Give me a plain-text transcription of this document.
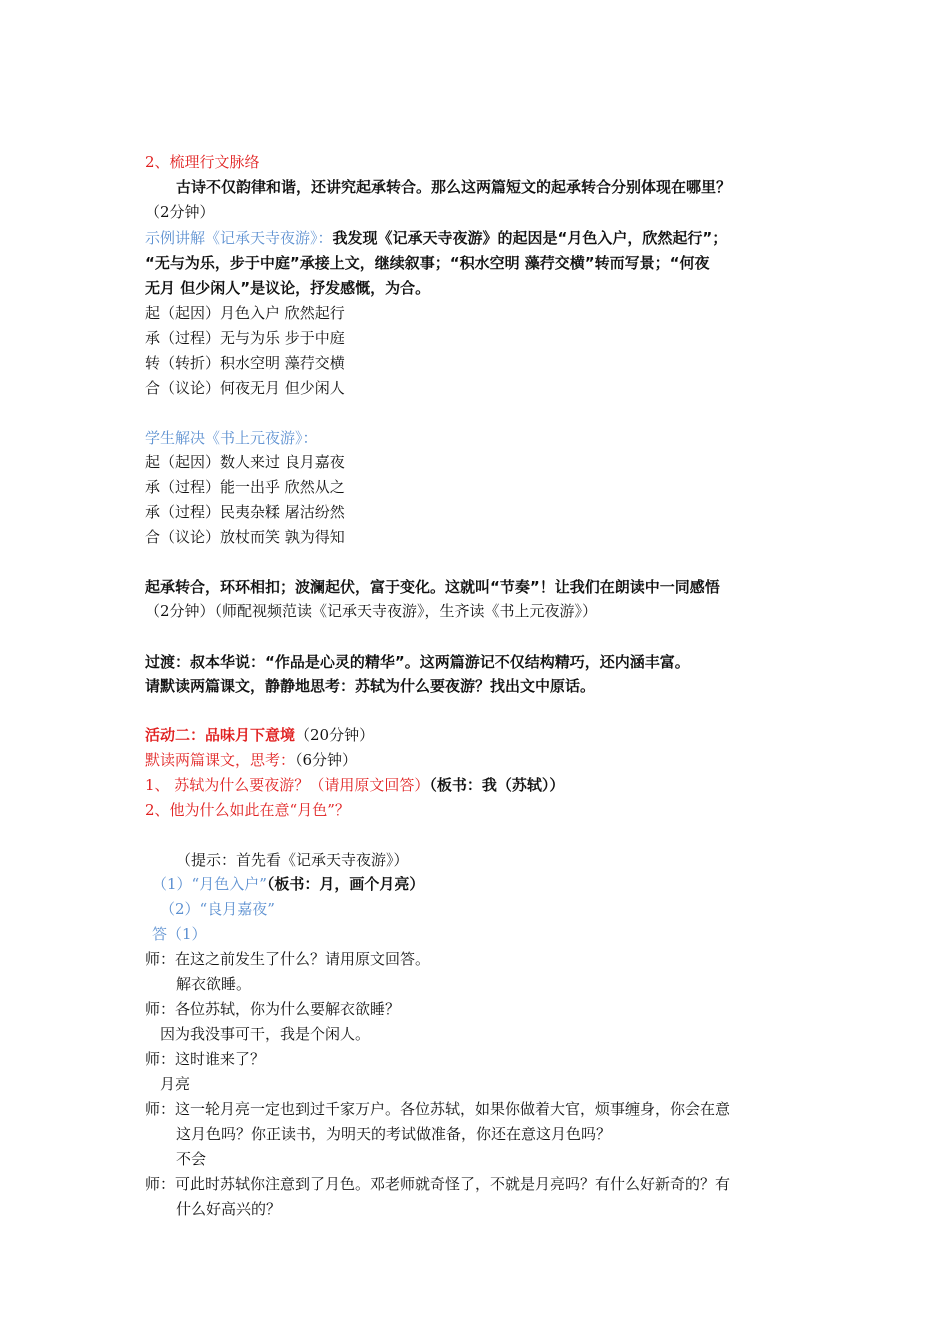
2、梳理行文脉络
古诗不仅韵律和谐，还讲究起承转合。那么这两篇短文的起承转合分别体现在哪里？
（2分钟）
示例讲解《记承天寺夜游》：我发现《记承天寺夜游》的起因是“月色入户，欣然起行”；
“无与为乐，步于中庭”承接上文，继续叙事；“积水空明 藻荇交横”转而写景；“何夜
无月 但少闲人”是议论，抒发感慨，为合。
起（起因）月色入户 欣然起行
承（过程）无与为乐 步于中庭
转（转折）积水空明 藻荇交横
合（议论）何夜无月 但少闲人
学生解决《书上元夜游》：
起（起因）数人来过 良月嘉夜
承（过程）能一出乎 欣然从之
承（过程）民夷杂糅 屠沽纷然
合（议论）放杖而笑 孰为得知
起承转合，环环相扣；波澜起伏，富于变化。这就叫“节奏”！让我们在朗读中一同感悟
（2分钟）（师配视频范读《记承天寺夜游》，生齐读《书上元夜游》）
过渡：叔本华说：“作品是心灵的精华”。这两篇游记不仅结构精巧，还内涵丰富。
请默读两篇课文，静静地思考：苏轼为什么要夜游？找出文中原话。
活动二：品味月下意境（20分钟）
默读两篇课文，思考：（6分钟）
1、 苏轼为什么要夜游？（请用原文回答）（板书：我（苏轼））
2、他为什么如此在意“月色”？
（提示：首先看《记承天寺夜游》）
（1）“月色入户”（板书：月，画个月亮）
（2）“良月嘉夜”
答（1）
师：在这之前发生了什么？请用原文回答。
解衣欲睡。
师：各位苏轼，你为什么要解衣欲睡？
因为我没事可干，我是个闲人。
师：这时谁来了？
月亮
师：这一轮月亮一定也到过千家万户。各位苏轼，如果你做着大官，烦事缠身，你会在意
这月色吗？你正读书，为明天的考试做准备，你还在意这月色吗？
不会
师：可此时苏轼你注意到了月色。邓老师就奇怪了，不就是月亮吗？有什么好新奇的？有
什么好高兴的？
